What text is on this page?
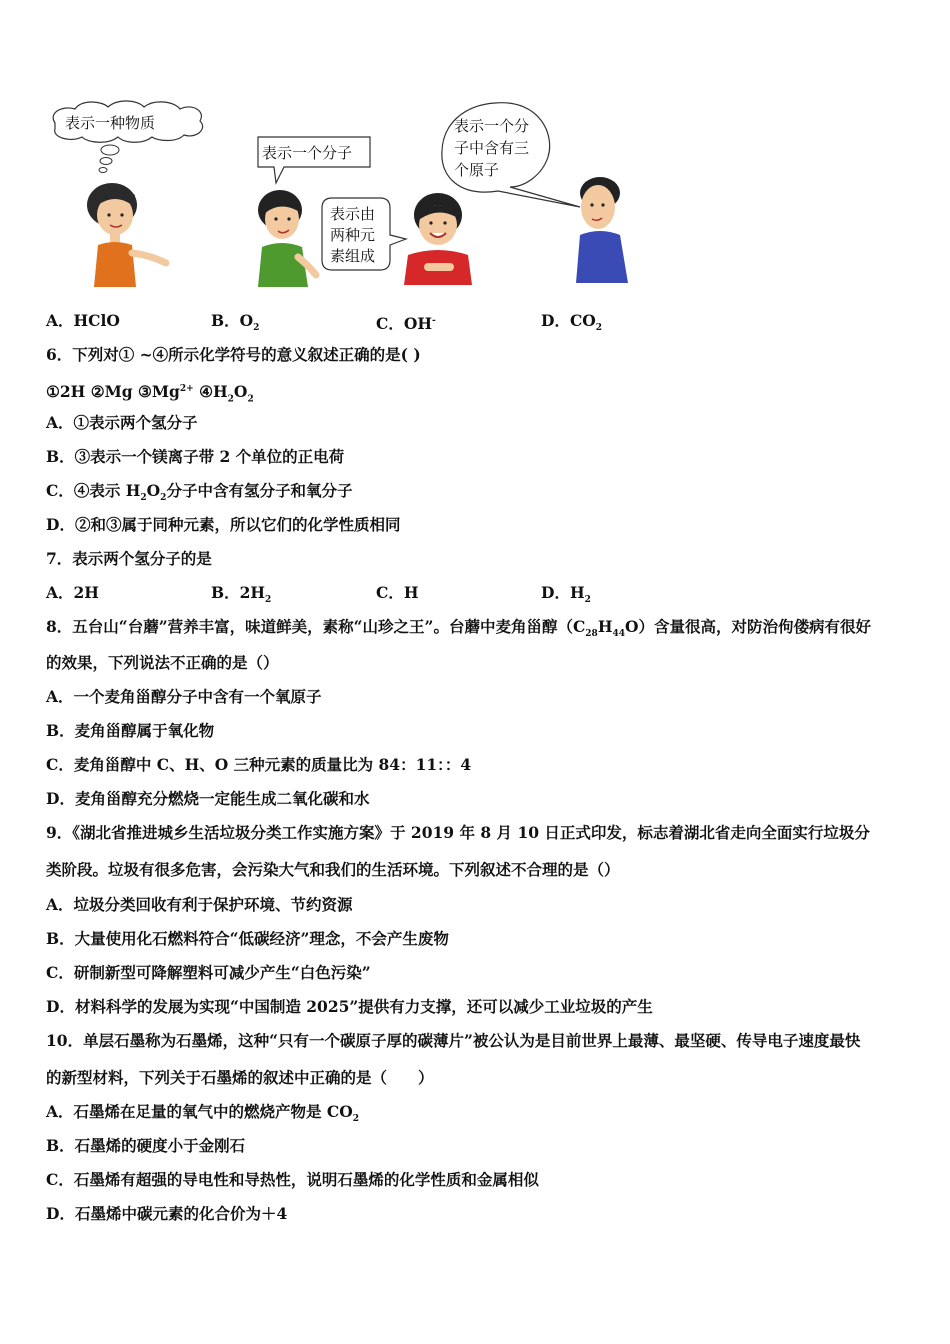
表示一种物质
表示一个分子
表示由
两种元
素组成
表示一个分
子中含有三
个原子
A．HClO	B．$O_2$	C．OH-	D．$CO_2$
6．下列对① ~④所示化学符号的意义叙述正确的是( )
①2H ②Mg $③Mg^{2+}$ $④H_2O_2$
A．①表示两个氢分子
B．③表示一个镁离子带 2 个单位的正电荷
C．④表示 $H_2O_2$分子中含有氢分子和氧分子
D．②和③属于同种元素，所以它们的化学性质相同
7．表示两个氢分子的是
A．2H	B．$2H_2$	C．H	D．$H_2$
8．五台山“台蘑”营养丰富，味道鲜美，素称“山珍之王”。台蘑中麦角甾醇$(C_{28}H_{44}O)$含量很高，对防治佝偻病有很好
的效果，下列说法不正确的是（）
A．一个麦角甾醇分子中含有一个氧原子
B．麦角甾醇属于氧化物
C．麦角甾醇中 C、H、O 三种元素的质量比为 84：11：：4
D．麦角甾醇充分燃烧一定能生成二氧化碳和水
9．《湖北省推进城乡生活垃圾分类工作实施方案》于 2019 年 8 月 10 日正式印发，标志着湖北省走向全面实行垃圾分
类阶段。垃圾有很多危害，会污染大气和我们的生活环境。下列叙述不合理的是（）
A．垃圾分类回收有利于保护环境、节约资源
B．大量使用化石燃料符合“低碳经济”理念，不会产生废物
C．研制新型可降解塑料可减少产生“白色污染”
D．材料科学的发展为实现“中国制造 2025”提供有力支撑，还可以减少工业垃圾的产生
10．单层石墨称为石墨烯，这种“只有一个碳原子厚的碳薄片”被公认为是目前世界上最薄、最坚硬、传导电子速度最快
的新型材料，下列关于石墨烯的叙述中正确的是（　　）
A．石墨烯在足量的氧气中的燃烧产物是 $CO_2$
B．石墨烯的硬度小于金刚石
C．石墨烯有超强的导电性和导热性，说明石墨烯的化学性质和金属相似
D．石墨烯中碳元素的化合价为＋4
